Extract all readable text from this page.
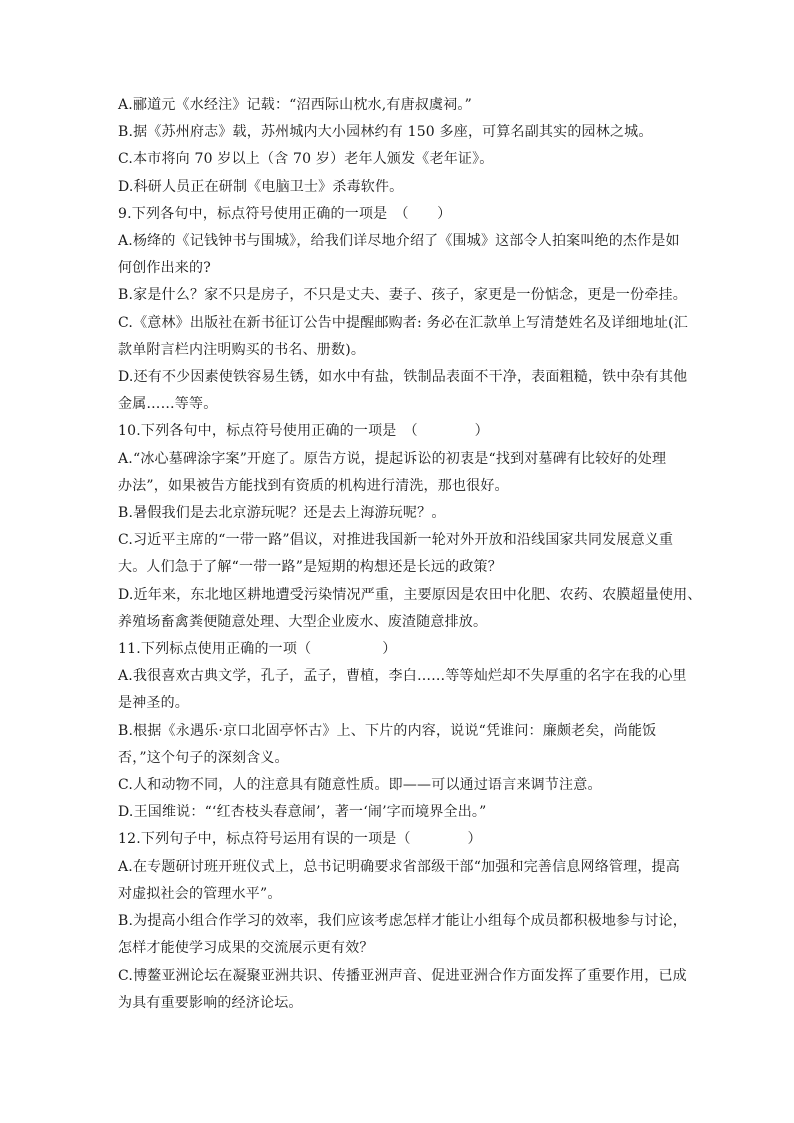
A.郦道元《水经注》记载：“沼西际山枕水,有唐叔虞祠。”
B.据《苏州府志》载，苏州城内大小园林约有 150 多座，可算名副其实的园林之城。
C.本市将向 70 岁以上（含 70 岁）老年人颁发《老年证》。
D.科研人员正在研制《电脑卫士》杀毒软件。
9.下列各句中，标点符号使用正确的一项是　（　　）
A.杨绛的《记钱钟书与围城》，给我们详尽地介绍了《围城》这部令人拍案叫绝的杰作是如
何创作出来的?
B.家是什么？家不只是房子，不只是丈夫、妻子、孩子，家更是一份惦念，更是一份牵挂。
C.《意林》出版社在新书征订公告中提醒邮购者: 务必在汇款单上写清楚姓名及详细地址(汇
款单附言栏内注明购买的书名、册数)。
D.还有不少因素使铁容易生锈，如水中有盐，铁制品表面不干净，表面粗糙，铁中杂有其他
金属……等等。
10.下列各句中，标点符号使用正确的一项是　（　　　　）
A.“冰心墓碑涂字案”开庭了。原告方说，提起诉讼的初衷是“找到对墓碑有比较好的处理
办法”，如果被告方能找到有资质的机构进行清洗，那也很好。
B.暑假我们是去北京游玩呢？还是去上海游玩呢？。
C.习近平主席的“一带一路”倡议，对推进我国新一轮对外开放和沿线国家共同发展意义重
大。人们急于了解“一带一路”是短期的构想还是长远的政策？
D.近年来，东北地区耕地遭受污染情况严重，主要原因是农田中化肥、农药、农膜超量使用、
养殖场畜禽粪便随意处理、大型企业废水、废渣随意排放。
11.下列标点使用正确的一项（　　　　　）
A.我很喜欢古典文学，孔子，孟子，曹植，李白……等等灿烂却不失厚重的名字在我的心里
是神圣的。
B.根据《永遇乐·京口北固亭怀古》上、下片的内容，说说“凭谁问：廉颇老矣，尚能饭
否，”这个句子的深刻含义。
C.人和动物不同，人的注意具有随意性质。即——可以通过语言来调节注意。
D.王国维说：“‘红杏枝头春意闹’，著一‘闹’字而境界全出。”
12.下列句子中，标点符号运用有误的一项是（　　　　）
A.在专题研讨班开班仪式上，总书记明确要求省部级干部“加强和完善信息网络管理，提高
对虚拟社会的管理水平”。
B.为提高小组合作学习的效率，我们应该考虑怎样才能让小组每个成员都积极地参与讨论，
怎样才能使学习成果的交流展示更有效？
C.博鳌亚洲论坛在凝聚亚洲共识、传播亚洲声音、促进亚洲合作方面发挥了重要作用，已成
为具有重要影响的经济论坛。
